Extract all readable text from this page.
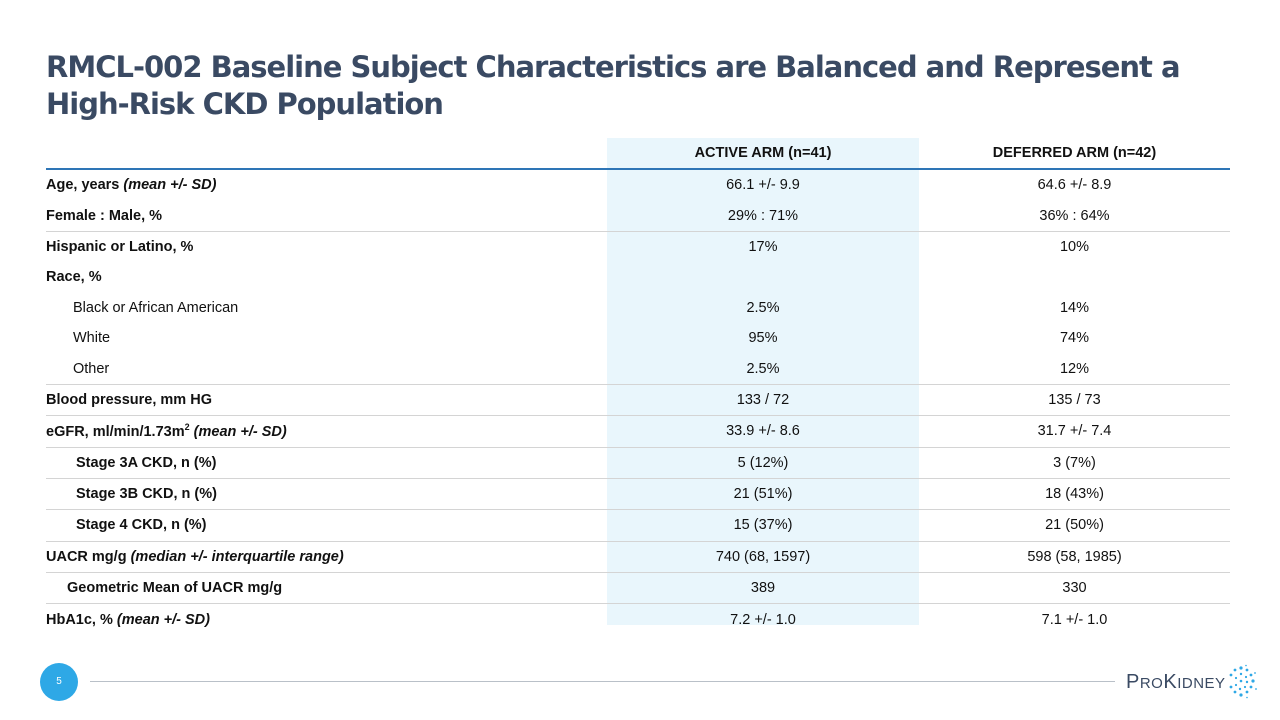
RMCL-002 Baseline Subject Characteristics are Balanced and Represent a High-Risk CKD Population
	ACTIVE ARM (n=41)	DEFERRED ARM (n=42)
Age, years (mean +/- SD)	66.1 +/- 9.9	64.6 +/- 8.9
Female : Male, %	29% : 71%	36% : 64%
Hispanic or Latino, %	17%	10%
Race, %		
Black or African American	2.5%	14%
White	95%	74%
Other	2.5%	12%
Blood pressure, mm HG	133 / 72	135 / 73
eGFR, $ml/\min/1.73m^2$ (mean +/- SD)	33.9 +/- 8.6	31.7 +/- 7.4
Stage 3A CKD, n (%)	5 (12%)	3 (7%)
Stage 3B CKD, n (%)	21 (51%)	18 (43%)
Stage 4 CKD, n (%)	15 (37%)	21 (50%)
UACR mg/g (median +/- interquartile range)	740 (68, 1597)	598 (58, 1985)
Geometric Mean of UACR mg/g	389	330
HbA1c, % (mean +/- SD)	7.2 +/- 1.0	7.1 +/- 1.0
5	PROKIDNEY
